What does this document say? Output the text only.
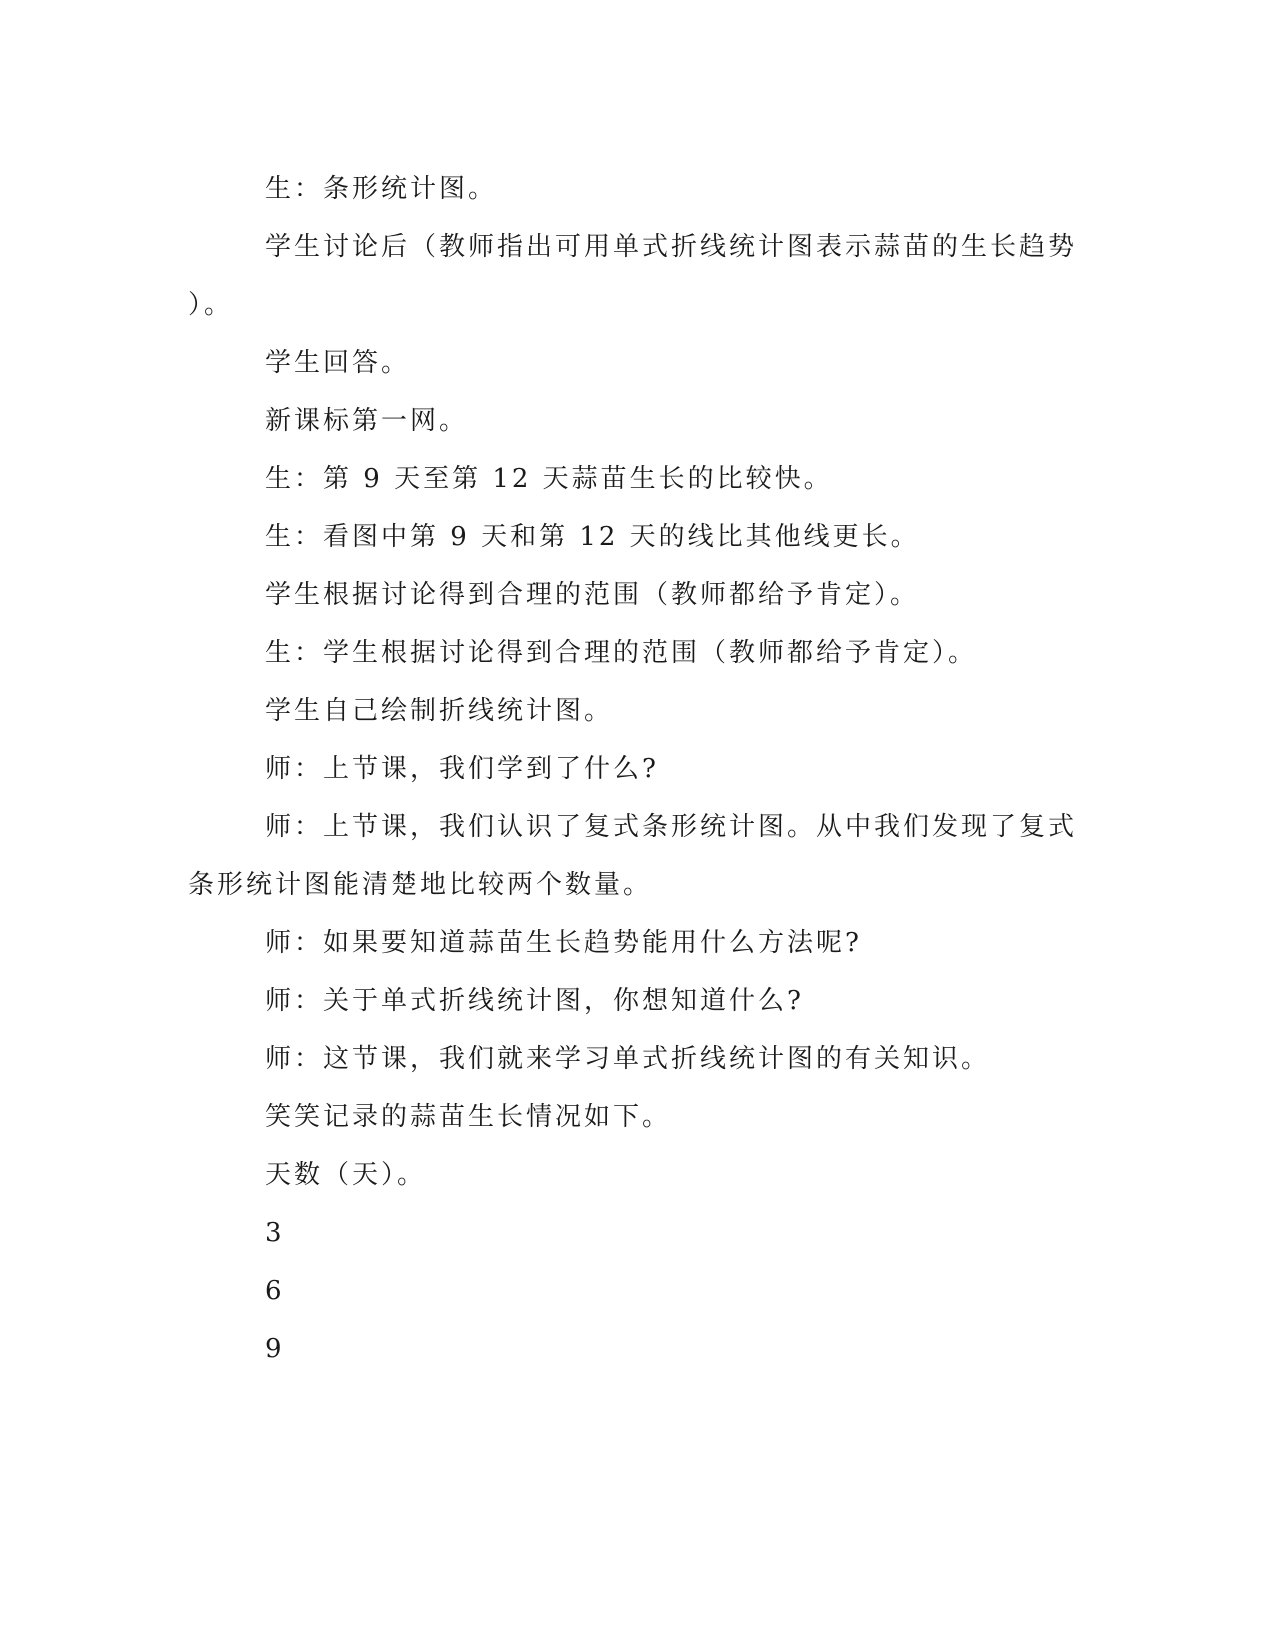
生：条形统计图。

学生讨论后（教师指出可用单式折线统计图表示蒜苗的生长趋势

）。

学生回答。

新课标第一网。

生：第 9 天至第 12 天蒜苗生长的比较快。

生：看图中第 9 天和第 12 天的线比其他线更长。

学生根据讨论得到合理的范围（教师都给予肯定）。

生：学生根据讨论得到合理的范围（教师都给予肯定）。

学生自己绘制折线统计图。

师：上节课，我们学到了什么?

师：上节课，我们认识了复式条形统计图。从中我们发现了复式

条形统计图能清楚地比较两个数量。

师：如果要知道蒜苗生长趋势能用什么方法呢?

师：关于单式折线统计图，你想知道什么?

师：这节课，我们就来学习单式折线统计图的有关知识。

笑笑记录的蒜苗生长情况如下。

天数（天）。

3

6

9
